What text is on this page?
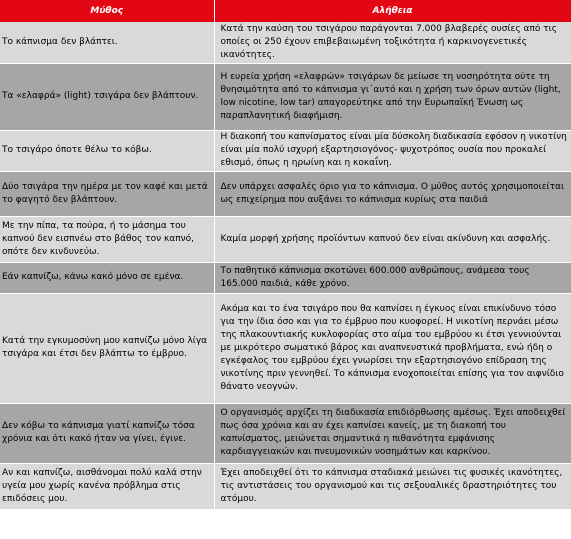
Μύθος	Αλήθεια
Το κάπνισμα δεν βλάπτει.	Κατά την καύση του τσιγάρου παράγονται 7.000 βλαβερές ουσίες από τις οποίες οι 250 έχουν επιβεβαιωμένη τοξικότητα ή καρκινογενετικές ικανότητες.
Τα «ελαφρά» (light) τσιγάρα δεν βλάπτουν.	Η ευρεία χρήση «ελαφρών» τσιγάρων δε μείωσε τη νοσηρότητα ούτε τη θνησιμότητα από το κάπνισμα γι΄αυτό και η χρήση των όρων αυτών (light, low nicotine, low tar) απαγορεύτηκε από την Ευρωπαϊκή Ένωση ως παραπλανητική διαφήμιση.
Το τσιγάρο όποτε θέλω το κόβω.	Η διακοπή του καπνίσματος είναι μία δύσκολη διαδικασία εφόσον η νικοτίνη είναι μία πολύ ισχυρή εξαρτησιογόνος- ψυχοτρόπος ουσία που προκαλεί εθισμό, όπως η ηρωίνη και η κοκαΐνη.
Δύο τσιγάρα την ημέρα με τον καφέ και μετά το φαγητό δεν βλάπτουν.	Δεν υπάρχει ασφαλές όριο για το κάπνισμα. Ο μύθος αυτός χρησιμοποιείται ως επιχείρημα που αυξάνει το κάπνισμα κυρίως στα παιδιά
Με την πίπα, τα πούρα, ή το μάσημα του καπνού δεν εισπνέω στο βάθος τον καπνό, οπότε δεν κινδυνεύω.	Καμία μορφή χρήσης προϊόντων καπνού δεν είναι ακίνδυνη και ασφαλής.
Εάν καπνίζω, κάνω κακό μόνο σε εμένα.	Το παθητικό κάπνισμα σκοτώνει 600.000 ανθρώπους, ανάμεσα τους 165.000 παιδιά, κάθε χρόνο.
Κατά την εγκυμοσύνη μου καπνίζω μόνο λίγα τσιγάρα και έτσι δεν βλάπτω το έμβρυο.	Ακόμα και το ένα τσιγάρο που θα καπνίσει η έγκυος είναι επικίνδυνο τόσο για την ίδια όσο και για το έμβρυο που κυοφορεί. Η νικοτίνη περνάει μέσω της πλακουντιακής κυκλοφορίας στο αίμα του εμβρύου κι έτσι γεννιούνται με μικρότερο σωματικό βάρος και αναπνευστικά προβλήματα, ενώ ήδη ο εγκέφαλος του εμβρύου έχει γνωρίσει την εξαρτησιογόνο επίδραση της νικοτίνης πριν γεννηθεί. Το κάπνισμα ενοχοποιείται επίσης για τον αιφνίδιο θάνατο νεογνών.
Δεν κόβω το κάπνισμα γιατί καπνίζω τόσα χρόνια και ότι κακό ήταν να γίνει, έγινε.	Ο οργανισμός αρχίζει τη διαδικασία επιδιόρθωσης αμέσως. Έχει αποδειχθεί πως όσα χρόνια και αν έχει καπνίσει κανείς, με τη διακοπή του καπνίσματος, μειώνεται σημαντικά η πιθανότητα εμφάνισης καρδιαγγειακών και πνευμονικών νοσημάτων και καρκίνου.
Αν και καπνίζω, αισθάνομαι πολύ καλά στην υγεία μου χωρίς κανένα πρόβλημα στις επιδόσεις μου.	Έχει αποδειχθεί ότι το κάπνισμα σταδιακά μειώνει τις φυσικές ικανότητες, τις αντιστάσεις του οργανισμού και τις σεξουαλικές δραστηριότητες του ατόμου.
